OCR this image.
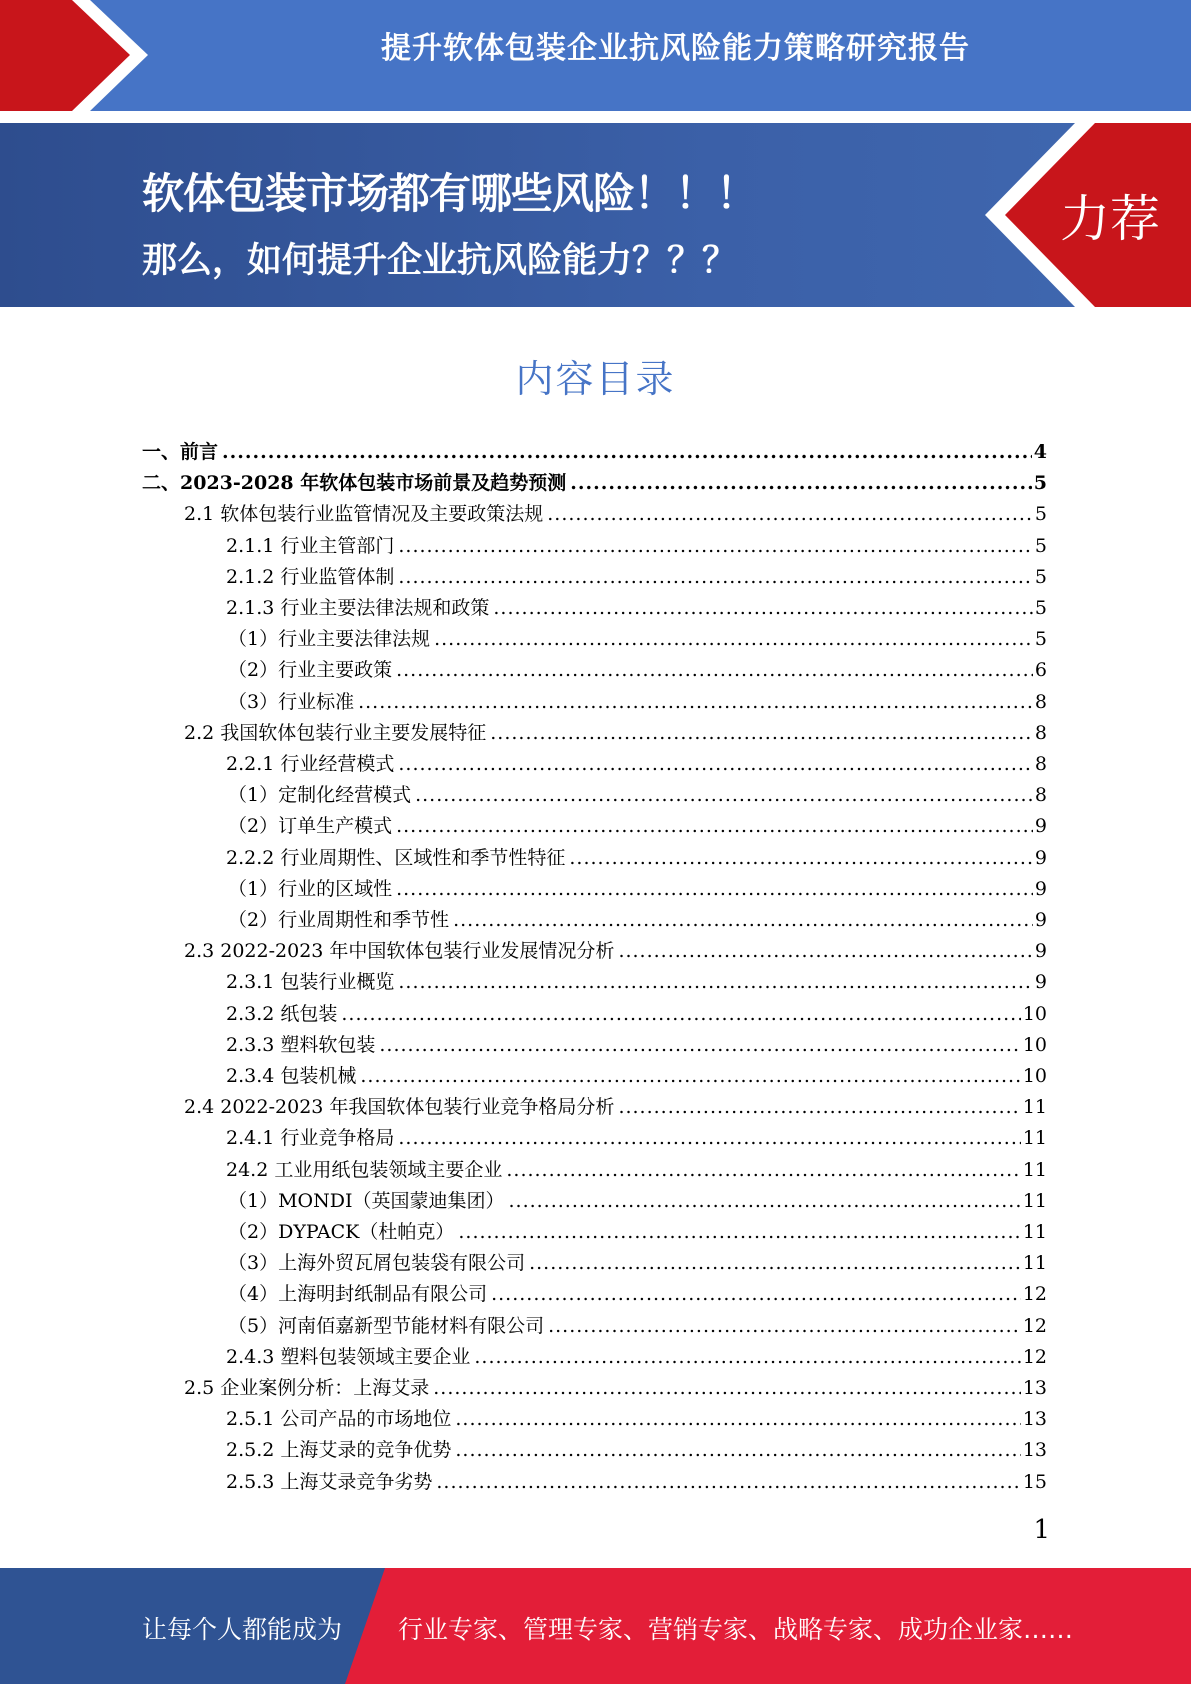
提升软体包装企业抗风险能力策略研究报告
软体包装市场都有哪些风险！！！
那么，如何提升企业抗风险能力？？？
力荐
内容目录
一、前言 .....	4
二、2023-2028 年软体包装市场前景及趋势预测 .....	5
2.1 软体包装行业监管情况及主要政策法规 .....	5
2.1.1 行业主管部门 .....	5
2.1.2 行业监管体制 .....	5
2.1.3 行业主要法律法规和政策 .....	5
（1）行业主要法律法规 .....	5
（2）行业主要政策 .....	6
（3）行业标准 .....	8
2.2 我国软体包装行业主要发展特征 .....	8
2.2.1 行业经营模式 .....	8
（1）定制化经营模式 .....	8
（2）订单生产模式 .....	9
2.2.2 行业周期性、区域性和季节性特征 .....	9
（1）行业的区域性 .....	9
（2）行业周期性和季节性 .....	9
2.3 2022-2023 年中国软体包装行业发展情况分析 .....	9
2.3.1 包装行业概览 .....	9
2.3.2 纸包装 .....	10
2.3.3 塑料软包装 .....	10
2.3.4 包装机械 .....	10
2.4 2022-2023 年我国软体包装行业竞争格局分析 .....	11
2.4.1 行业竞争格局 .....	11
24.2 工业用纸包装领域主要企业 .....	11
（1）MONDI（英国蒙迪集团） .....	11
（2）DYPACK（杜帕克） .....	11
（3）上海外贸瓦屑包装袋有限公司 .....	11
（4）上海明封纸制品有限公司 .....	12
（5）河南佰嘉新型节能材料有限公司 .....	12
2.4.3 塑料包装领域主要企业 .....	12
2.5 企业案例分析：上海艾录 .....	13
2.5.1 公司产品的市场地位 .....	13
2.5.2 上海艾录的竞争优势 .....	13
2.5.3 上海艾录竞争劣势 .....	15
1
让每个人都能成为 行业专家、管理专家、营销专家、战略专家、成功企业家……
